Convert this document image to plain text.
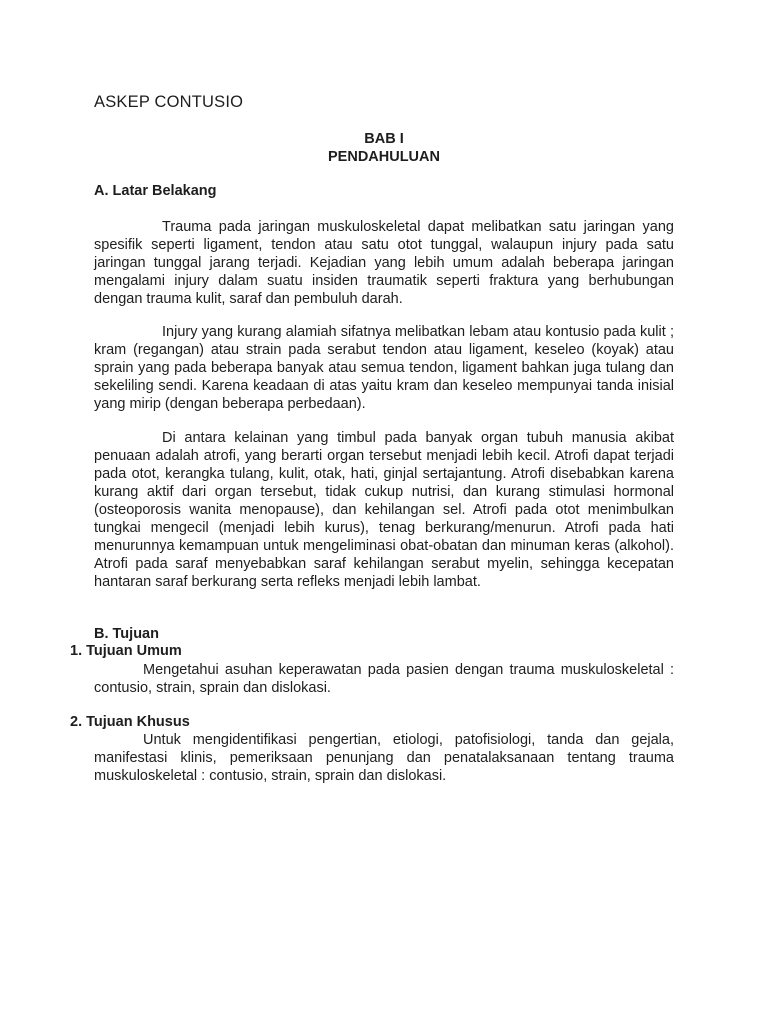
ASKEP CONTUSIO
BAB I
PENDAHULUAN
A. Latar Belakang
Trauma pada jaringan muskuloskeletal dapat melibatkan satu jaringan yang spesifik seperti ligament, tendon atau satu otot tunggal, walaupun injury pada satu jaringan tunggal jarang terjadi. Kejadian yang lebih umum adalah beberapa jaringan mengalami injury dalam suatu insiden traumatik seperti fraktura yang berhubungan dengan trauma kulit, saraf dan pembuluh darah.
Injury yang kurang alamiah sifatnya melibatkan lebam atau kontusio pada kulit ; kram (regangan) atau strain pada serabut tendon atau ligament, keseleo (koyak) atau sprain yang pada beberapa banyak atau semua tendon, ligament bahkan juga tulang dan sekeliling sendi. Karena keadaan di atas yaitu kram dan keseleo mempunyai tanda inisial yang mirip (dengan beberapa perbedaan).
Di antara kelainan yang timbul pada banyak organ tubuh manusia akibat penuaan adalah atrofi, yang berarti organ tersebut menjadi lebih kecil. Atrofi dapat terjadi pada otot, kerangka tulang, kulit, otak, hati, ginjal sertajantung. Atrofi disebabkan karena kurang aktif dari organ tersebut, tidak cukup nutrisi, dan kurang stimulasi hormonal (osteoporosis wanita menopause), dan kehilangan sel. Atrofi pada otot menimbulkan tungkai mengecil (menjadi lebih kurus), tenag berkurang/menurun. Atrofi pada hati menurunnya kemampuan untuk mengeliminasi obat-obatan dan minuman keras (alkohol). Atrofi pada saraf menyebabkan saraf kehilangan serabut myelin, sehingga kecepatan hantaran saraf berkurang serta refleks menjadi lebih lambat.
B. Tujuan
1. Tujuan Umum
Mengetahui asuhan keperawatan pada pasien dengan trauma muskuloskeletal : contusio, strain, sprain dan dislokasi.
2. Tujuan Khusus
Untuk mengidentifikasi pengertian, etiologi, patofisiologi, tanda dan gejala, manifestasi klinis, pemeriksaan penunjang dan penatalaksanaan tentang trauma muskuloskeletal : contusio, strain, sprain dan dislokasi.
